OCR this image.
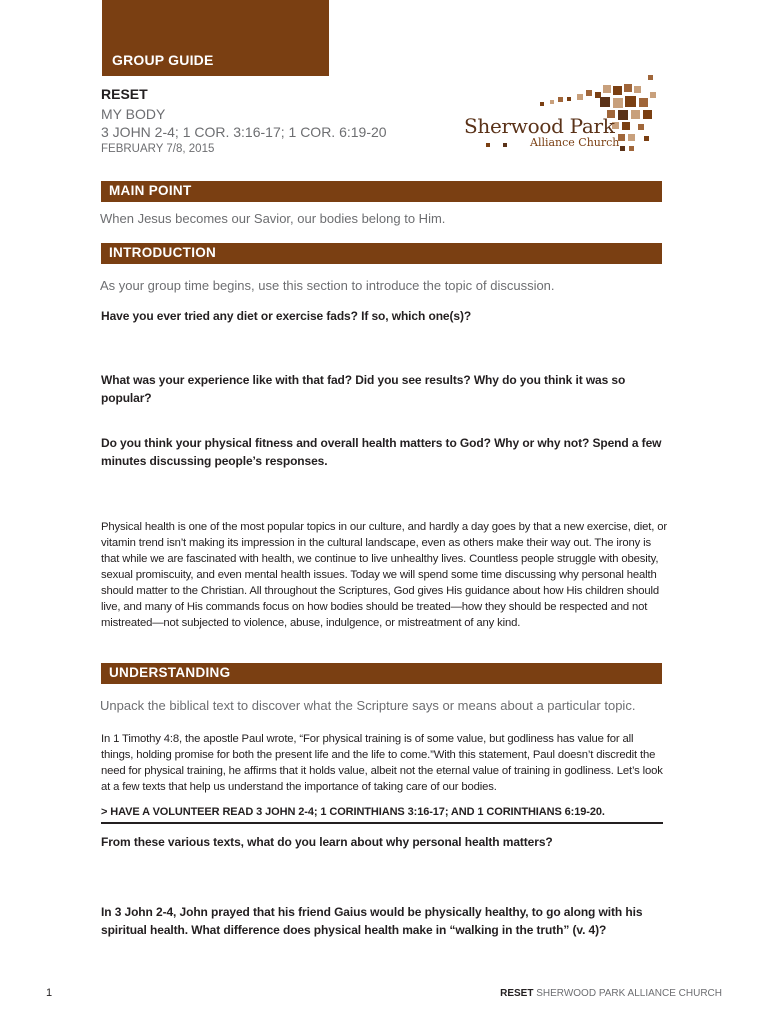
GROUP GUIDE
RESET
MY BODY
3 JOHN 2-4; 1 COR. 3:16-17; 1 COR. 6:19-20
FEBRUARY 7/8, 2015
Sherwood Park
Alliance Church
MAIN POINT
When Jesus becomes our Savior, our bodies belong to Him.
INTRODUCTION
As your group time begins, use this section to introduce the topic of discussion.
Have you ever tried any diet or exercise fads? If so, which one(s)?
What was your experience like with that fad? Did you see results? Why do you think it was so popular?
Do you think your physical fitness and overall health matters to God? Why or why not? Spend a few minutes discussing people’s responses.
Physical health is one of the most popular topics in our culture, and hardly a day goes by that a new exercise, diet, or vitamin trend isn’t making its impression in the cultural landscape, even as others make their way out. The irony is that while we are fascinated with health, we continue to live unhealthy lives. Countless people struggle with obesity, sexual promiscuity, and even mental health issues. Today we will spend some time discussing why personal health should matter to the Christian. All throughout the Scriptures, God gives His guidance about how His children should live, and many of His commands focus on how bodies should be treated—how they should be respected and not mistreated—not subjected to violence, abuse, indulgence, or mistreatment of any kind.
UNDERSTANDING
Unpack the biblical text to discover what the Scripture says or means about a particular topic.
In 1 Timothy 4:8, the apostle Paul wrote, “For physical training is of some value, but godliness has value for all things, holding promise for both the present life and the life to come.”With this statement, Paul doesn’t discredit the need for physical training, he affirms that it holds value, albeit not the eternal value of training in godliness. Let’s look at a few texts that help us understand the importance of taking care of our bodies.
> HAVE A VOLUNTEER READ 3 JOHN 2-4; 1 CORINTHIANS 3:16-17; AND 1 CORINTHIANS 6:19-20.
From these various texts, what do you learn about why personal health matters?
In 3 John 2-4, John prayed that his friend Gaius would be physically healthy, to go along with his spiritual health. What difference does physical health make in “walking in the truth” (v. 4)?
1	RESET SHERWOOD PARK ALLIANCE CHURCH
